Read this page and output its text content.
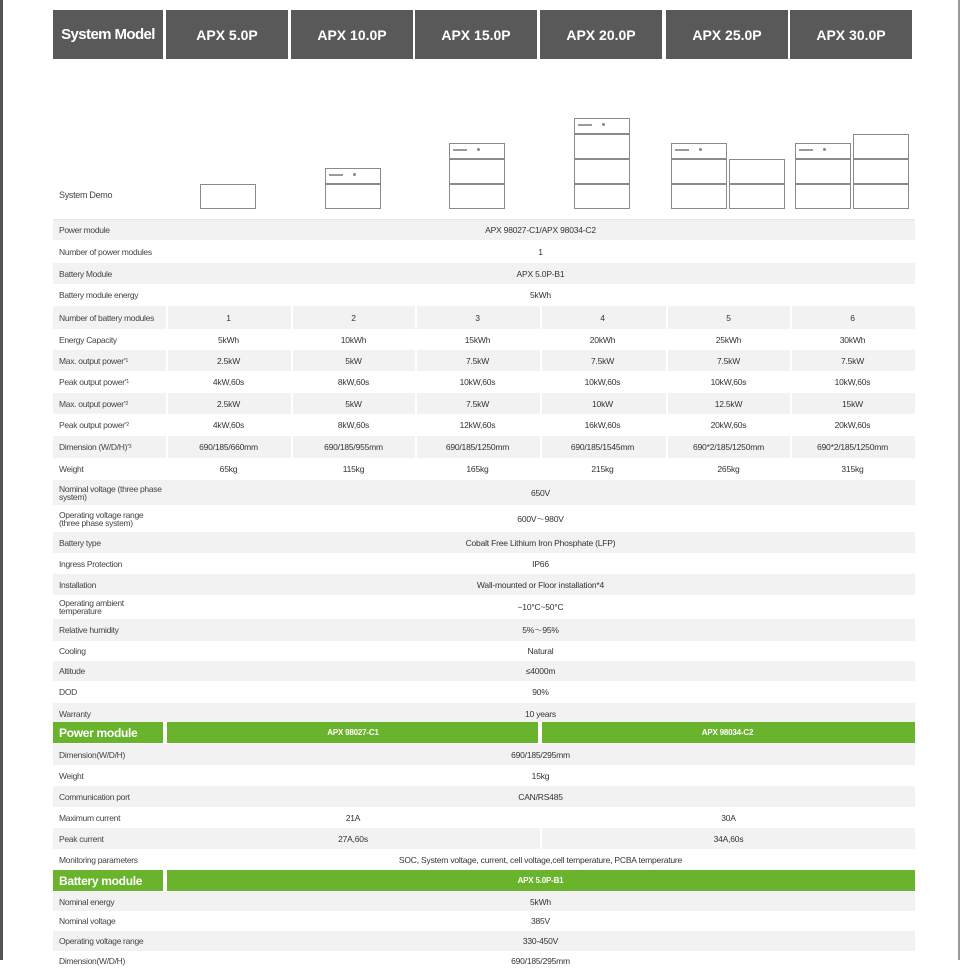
System Model	APX 5.0P	APX 10.0P	APX 15.0P	APX 20.0P	APX 25.0P	APX 30.0P
System Demo
Power module	APX 98027-C1/APX 98034-C2
Number of power modules	1
Battery Module	APX 5.0P-B1
Battery module energy	5kWh
Number of battery modules	1	2	3	4	5	6
Energy Capacity	5kWh	10kWh	15kWh	20kWh	25kWh	30kWh
Max. output power *1	2.5kW	5kW	7.5kW	7.5kW	7.5kW	7.5kW
Peak output power *1	4kW,60s	8kW,60s	10kW,60s	10kW,60s	10kW,60s	10kW,60s
Max. output power *2	2.5kW	5kW	7.5kW	10kW	12.5kW	15kW
Peak output power *2	4kW,60s	8kW,60s	12kW,60s	16kW,60s	20kW,60s	20kW,60s
Dimension (W/D/H) *3	690/185/660mm	690/185/955mm	690/185/1250mm	690/185/1545mm	690*2/185/1250mm	690*2/185/1250mm
Weight	65kg	115kg	165kg	215kg	265kg	315kg
Nominal voltage (three phase system)	650V
Operating voltage range (three phase system)	600V～980V
Battery type	Cobalt Free Lithium Iron Phosphate (LFP)
Ingress Protection	IP66
Installation	Wall-mounted or Floor installation*4
Operating ambient temperature	−10°C~50°C
Relative humidity	5%～95%
Cooling	Natural
Altitude	≤4000m
DOD	90%
Warranty	10 years
Power module	APX 98027-C1	APX 98034-C2
Dimension(W/D/H)	690/185/295mm
Weight	15kg
Communication port	CAN/RS485
Maximum current	21A	30A
Peak current	27A,60s	34A,60s
Monitoring parameters	SOC, System voltage, current, cell voltage,cell temperature, PCBA temperature
Battery module	APX 5.0P-B1
Nominal energy	5kWh
Nominal voltage	385V
Operating voltage range	330-450V
Dimension(W/D/H)	690/185/295mm
